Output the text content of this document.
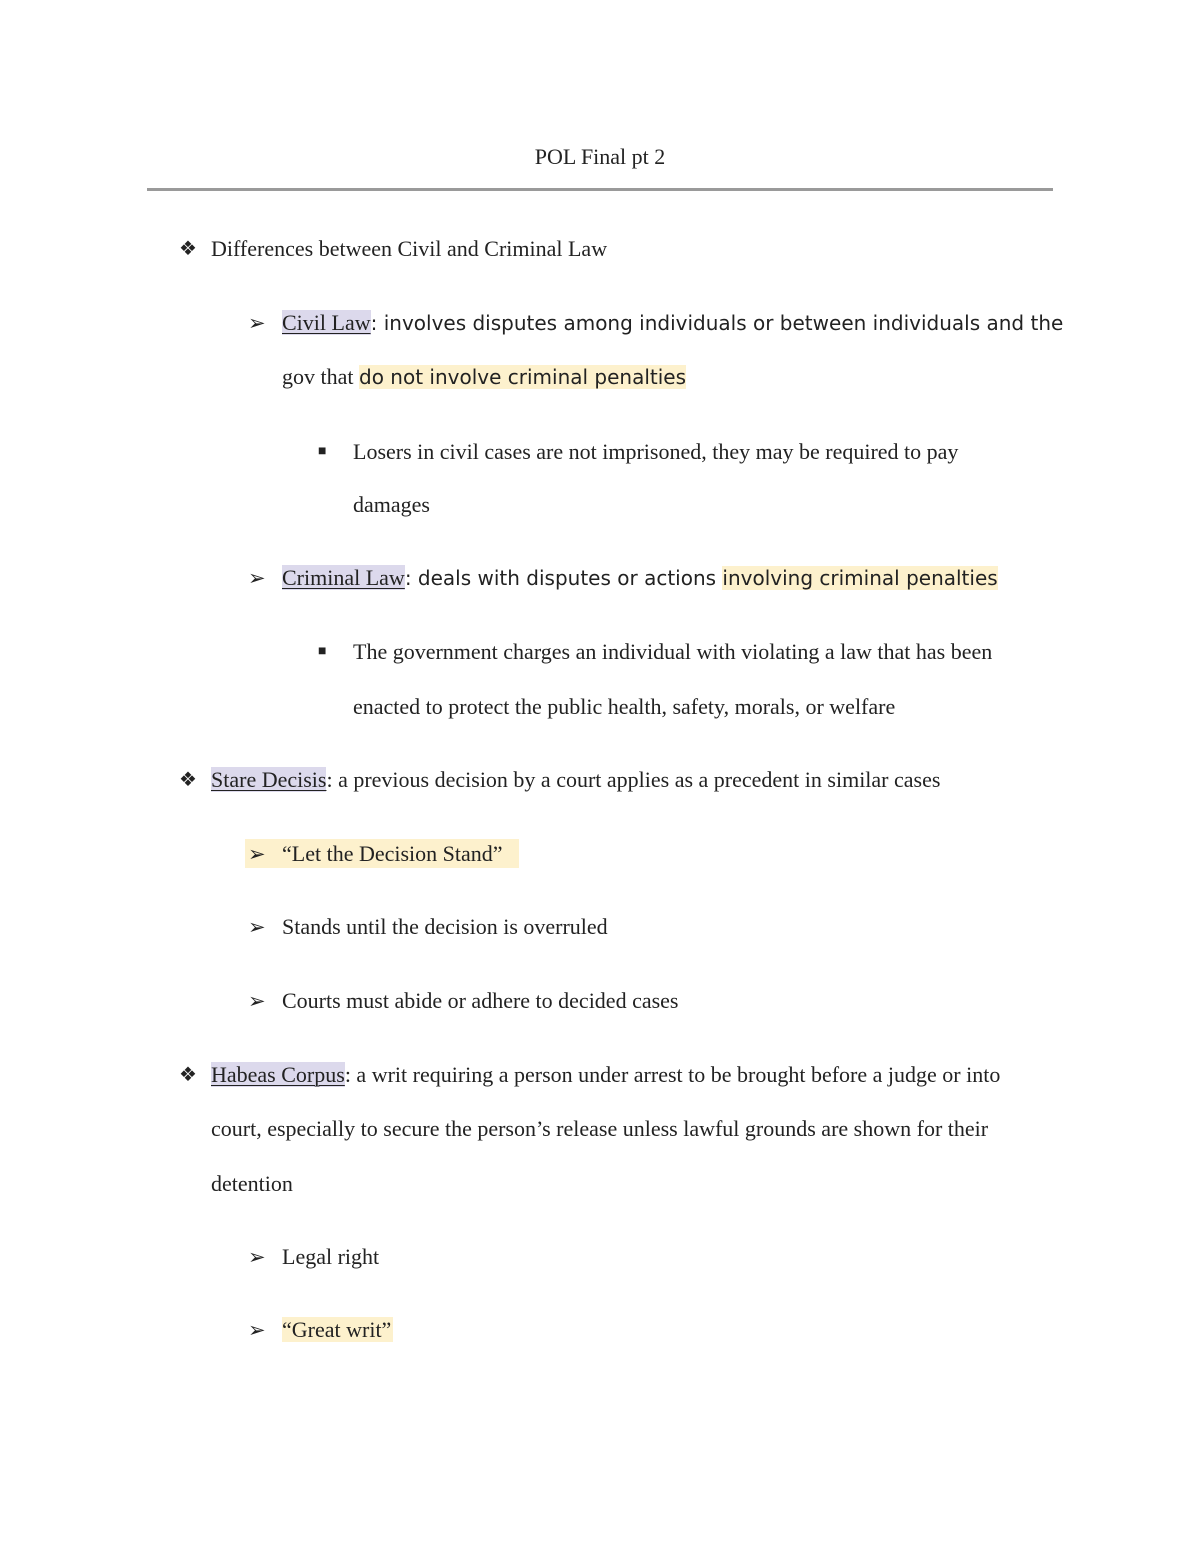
POL Final pt 2
❖ Differences between Civil and Criminal Law
➢ Civil Law: involves disputes among individuals or between individuals and the
gov that do not involve criminal penalties
■ Losers in civil cases are not imprisoned, they may be required to pay
damages
➢ Criminal Law: deals with disputes or actions involving criminal penalties
■ The government charges an individual with violating a law that has been
enacted to protect the public health, safety, morals, or welfare
❖ Stare Decisis: a previous decision by a court applies as a precedent in similar cases
➢ “Let the Decision Stand”
➢ Stands until the decision is overruled
➢ Courts must abide or adhere to decided cases
❖ Habeas Corpus: a writ requiring a person under arrest to be brought before a judge or into
court, especially to secure the person’s release unless lawful grounds are shown for their
detention
➢ Legal right
➢ “Great writ”
